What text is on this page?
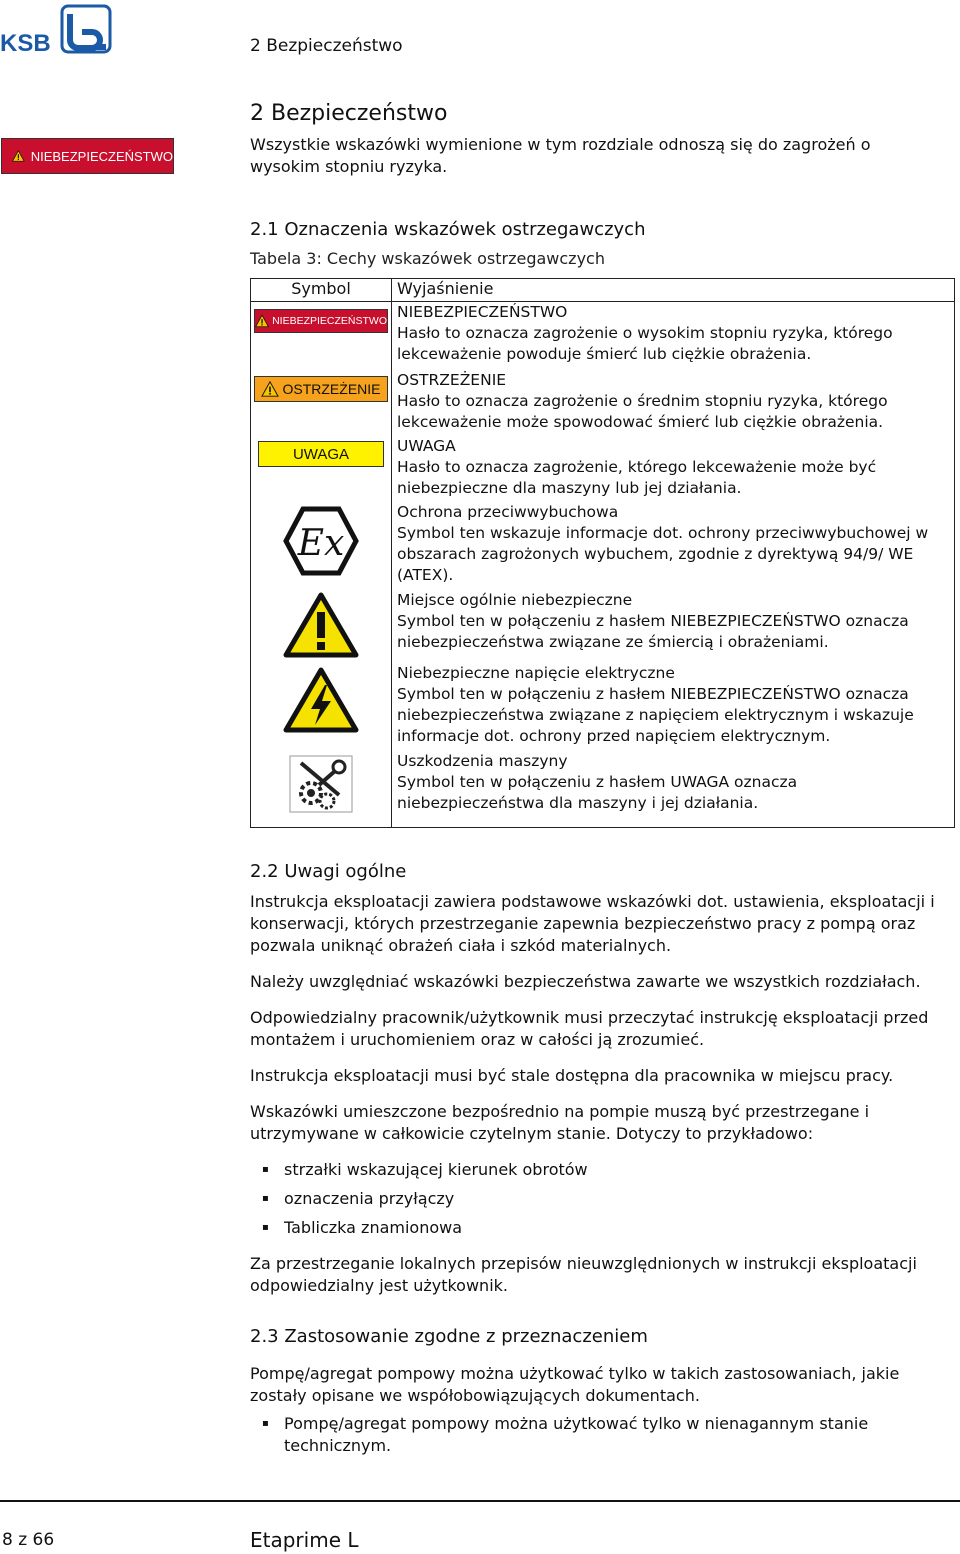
KSB	2 Bezpieczeństwo
NIEBEZPIECZEŃSTWO
2 Bezpieczeństwo
Wszystkie wskazówki wymienione w tym rozdziale odnoszą się do zagrożeń o wysokim stopniu ryzyka.
2.1 Oznaczenia wskazówek ostrzegawczych
Tabela 3: Cechy wskazówek ostrzegawczych
Symbol	Wyjaśnienie

NIEBEZPIECZEŃSTWO	NIEBEZPIECZEŃSTWO
Hasło to oznacza zagrożenie o wysokim stopniu ryzyka, którego lekceważenie powoduje śmierć lub ciężkie obrażenia.

OSTRZEŻENIE	OSTRZEŻENIE
Hasło to oznacza zagrożenie o średnim stopniu ryzyka, którego lekceważenie może spowodować śmierć lub ciężkie obrażenia.

UWAGA	UWAGA
Hasło to oznacza zagrożenie, którego lekceważenie może być niebezpieczne dla maszyny lub jej działania.

Ex	Ochrona przeciwwybuchowa
Symbol ten wskazuje informacje dot. ochrony przeciwwybuchowej w obszarach zagrożonych wybuchem, zgodnie z dyrektywą 94/9/ WE (ATEX).

Miejsce ogólnie niebezpieczne
Symbol ten w połączeniu z hasłem NIEBEZPIECZEŃSTWO oznacza niebezpieczeństwa związane ze śmiercią i obrażeniami.

Niebezpieczne napięcie elektryczne
Symbol ten w połączeniu z hasłem NIEBEZPIECZEŃSTWO oznacza niebezpieczeństwa związane z napięciem elektrycznym i wskazuje informacje dot. ochrony przed napięciem elektrycznym.

Uszkodzenia maszyny
Symbol ten w połączeniu z hasłem UWAGA oznacza niebezpieczeństwa dla maszyny i jej działania.
2.2 Uwagi ogólne

Instrukcja eksploatacji zawiera podstawowe wskazówki dot. ustawienia, eksploatacji i konserwacji, których przestrzeganie zapewnia bezpieczeństwo pracy z pompą oraz pozwala uniknąć obrażeń ciała i szkód materialnych.

Należy uwzględniać wskazówki bezpieczeństwa zawarte we wszystkich rozdziałach.

Odpowiedzialny pracownik/użytkownik musi przeczytać instrukcję eksploatacji przed montażem i uruchomieniem oraz w całości ją zrozumieć.

Instrukcja eksploatacji musi być stale dostępna dla pracownika w miejscu pracy.

Wskazówki umieszczone bezpośrednio na pompie muszą być przestrzegane i utrzymywane w całkowicie czytelnym stanie. Dotyczy to przykładowo:

▪ strzałki wskazującej kierunek obrotów
▪ oznaczenia przyłączy
▪ Tabliczka znamionowa

Za przestrzeganie lokalnych przepisów nieuwzględnionych w instrukcji eksploatacji odpowiedzialny jest użytkownik.

2.3 Zastosowanie zgodne z przeznaczeniem

Pompę/agregat pompowy można użytkować tylko w takich zastosowaniach, jakie zostały opisane we współobowiązujących dokumentach.

▪ Pompę/agregat pompowy można użytkować tylko w nienagannym stanie technicznym.
8 z 66	Etaprime L
